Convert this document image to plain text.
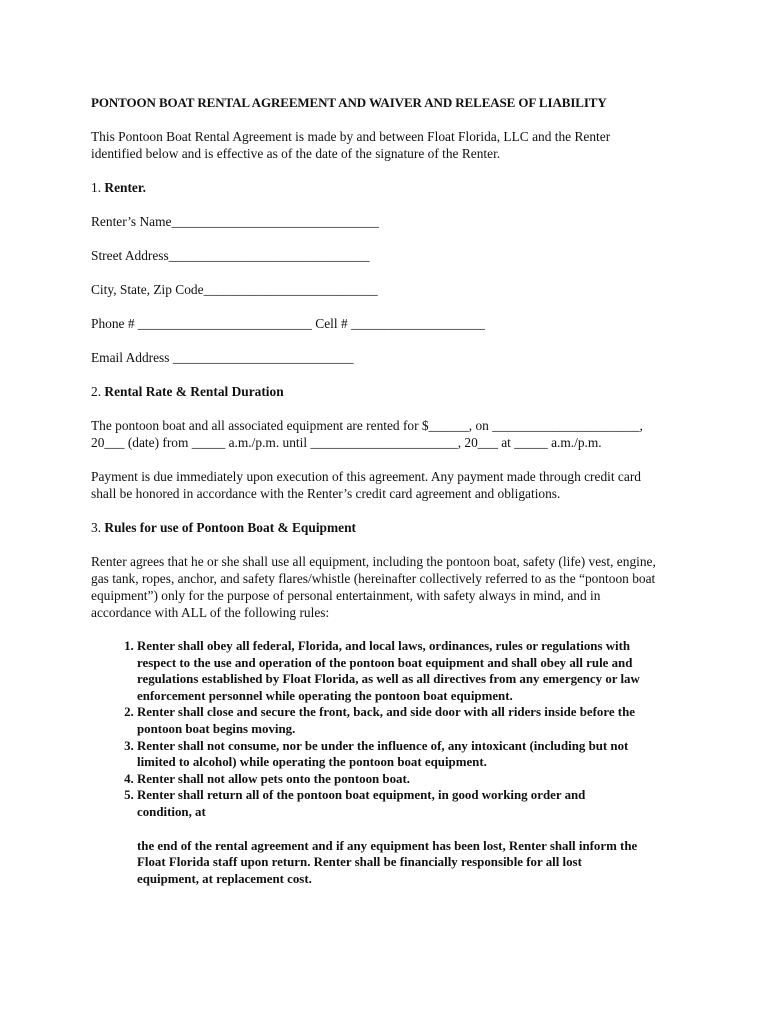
PONTOON BOAT RENTAL AGREEMENT AND WAIVER AND RELEASE OF LIABILITY

This Pontoon Boat Rental Agreement is made by and between Float Florida, LLC and the Renter

identified below and is effective as of the date of the signature of the Renter.

1. Renter.

Renter’s Name_______________________________

Street Address______________________________

City, State, Zip Code__________________________

Phone # __________________________ Cell # ____________________

Email Address ___________________________

2. Rental Rate & Rental Duration

The pontoon boat and all associated equipment are rented for $______, on ______________________,

20___ (date) from _____ a.m./p.m. until ______________________, 20___ at _____ a.m./p.m.

Payment is due immediately upon execution of this agreement. Any payment made through credit card

shall be honored in accordance with the Renter’s credit card agreement and obligations.

3. Rules for use of Pontoon Boat & Equipment

Renter agrees that he or she shall use all equipment, including the pontoon boat, safety (life) vest, engine,

gas tank, ropes, anchor, and safety flares/whistle (hereinafter collectively referred to as the “pontoon boat

equipment”) only for the purpose of personal entertainment, with safety always in mind, and in

accordance with ALL of the following rules:

1. Renter shall obey all federal, Florida, and local laws, ordinances, rules or regulations with
respect to the use and operation of the pontoon boat equipment and shall obey all rule and
regulations established by Float Florida, as well as all directives from any emergency or law
enforcement personnel while operating the pontoon boat equipment.
2. Renter shall close and secure the front, back, and side door with all riders inside before the
pontoon boat begins moving.
3. Renter shall not consume, nor be under the influence of, any intoxicant (including but not
limited to alcohol) while operating the pontoon boat equipment.
4. Renter shall not allow pets onto the pontoon boat.
5. Renter shall return all of the pontoon boat equipment, in good working order and
condition, at
the end of the rental agreement and if any equipment has been lost, Renter shall inform the
Float Florida staff upon return. Renter shall be financially responsible for all lost
equipment, at replacement cost.
